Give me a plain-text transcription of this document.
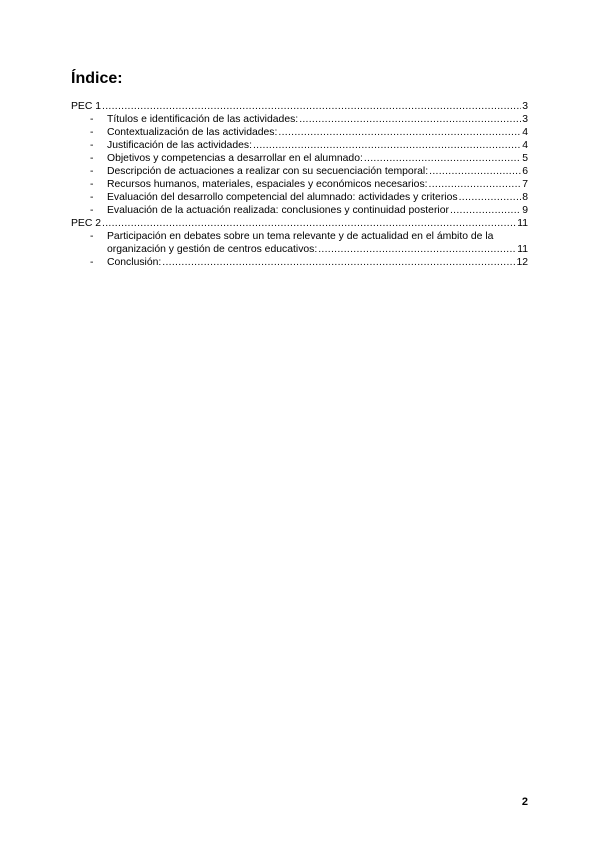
Índice:
PEC 1 .....	3
- Títulos e identificación de las actividades: .....	3
- Contextualización de las actividades: .....	4
- Justificación de las actividades: .....	4
- Objetivos y competencias a desarrollar en el alumnado: .....	5
- Descripción de actuaciones a realizar con su secuenciación temporal: .....	6
- Recursos humanos, materiales, espaciales y económicos necesarios: .....	7
- Evaluación del desarrollo competencial del alumnado: actividades y criterios .....	8
- Evaluación de la actuación realizada: conclusiones y continuidad posterior .....	9
PEC 2 .....	11
- Participación en debates sobre un tema relevante y de actualidad en el ámbito de la
organización y gestión de centros educativos: .....	11
- Conclusión: .....	12
2
